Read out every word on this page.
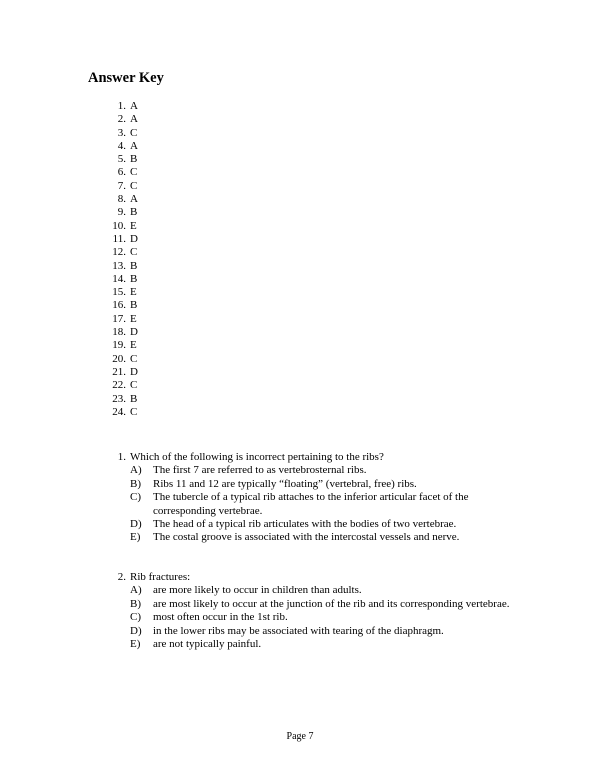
Answer Key
1. A
2. A
3. C
4. A
5. B
6. C
7. C
8. A
9. B
10. E
11. D
12. C
13. B
14. B
15. E
16. B
17. E
18. D
19. E
20. C
21. D
22. C
23. B
24. C
1. Which of the following is incorrect pertaining to the ribs?
A)	The first 7 are referred to as vertebrosternal ribs.
B)	Ribs 11 and 12 are typically “floating” (vertebral, free) ribs.
C)	The tubercle of a typical rib attaches to the inferior articular facet of the corresponding vertebrae.
D)	The head of a typical rib articulates with the bodies of two vertebrae.
E)	The costal groove is associated with the intercostal vessels and nerve.
2. Rib fractures:
A)	are more likely to occur in children than adults.
B)	are most likely to occur at the junction of the rib and its corresponding vertebrae.
C)	most often occur in the 1st rib.
D)	in the lower ribs may be associated with tearing of the diaphragm.
E)	are not typically painful.
Page 7
